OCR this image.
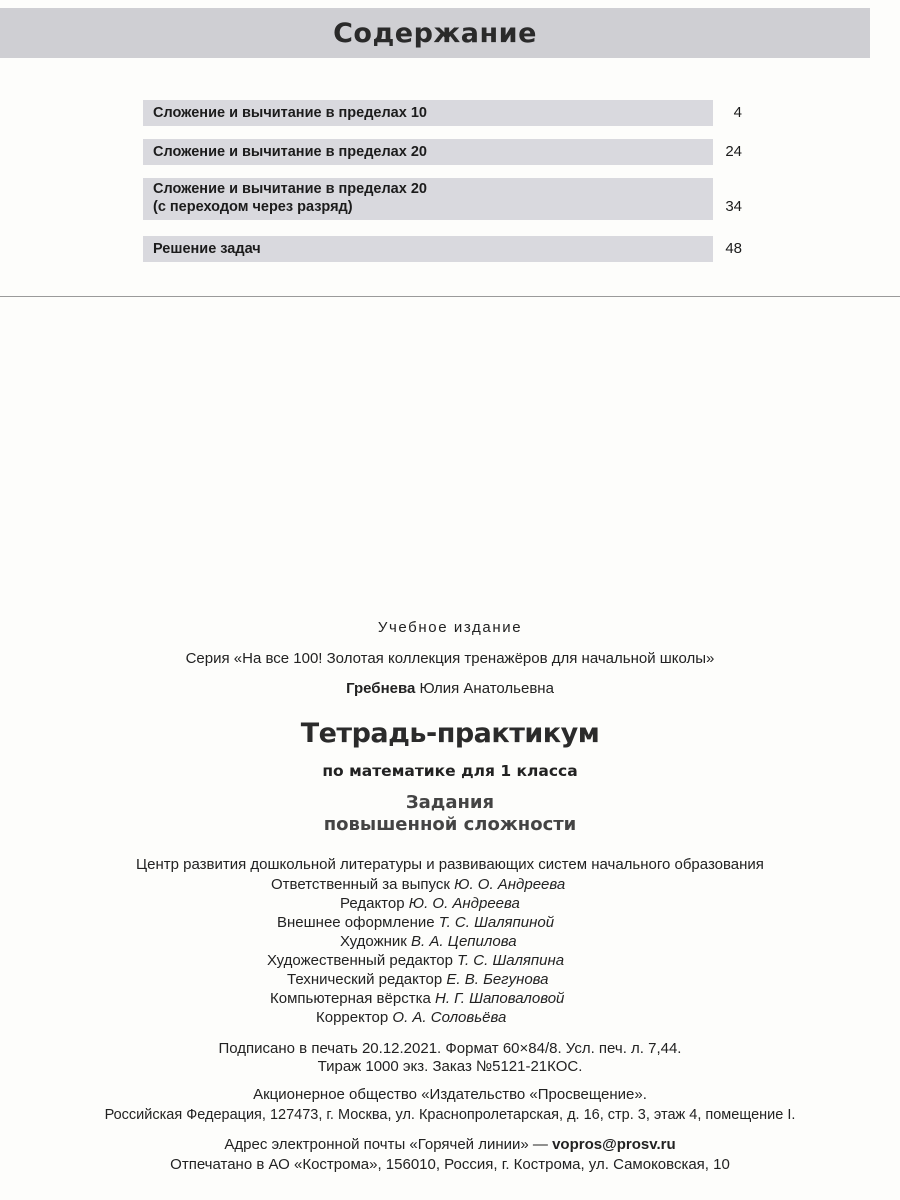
Содержание
Сложение и вычитание в пределах 10	4
Сложение и вычитание в пределах 20	24
Сложение и вычитание в пределах 20
(с переходом через разряд)	34
Решение задач	48
Учебное издание
Серия «На все 100! Золотая коллекция тренажёров для начальной школы»
Гребнева Юлия Анатольевна
Тетрадь-практикум
по математике для 1 класса
Задания
повышенной сложности
Центр развития дошкольной литературы и развивающих систем начального образования
Ответственный за выпуск Ю. О. Андреева
Редактор Ю. О. Андреева
Внешнее оформление Т. С. Шаляпиной
Художник В. А. Цепилова
Художественный редактор Т. С. Шаляпина
Технический редактор Е. В. Бегунова
Компьютерная вёрстка Н. Г. Шаповаловой
Корректор О. А. Соловьёва
Подписано в печать 20.12.2021. Формат 60×84/8. Усл. печ. л. 7,44.
Тираж 1000 экз. Заказ №5121-21КОС.
Акционерное общество «Издательство «Просвещение».
Российская Федерация, 127473, г. Москва, ул. Краснопролетарская, д. 16, стр. 3, этаж 4, помещение I.
Адрес электронной почты «Горячей линии» — vopros@prosv.ru
Отпечатано в АО «Кострома», 156010, Россия, г. Кострома, ул. Самоковская, 10
